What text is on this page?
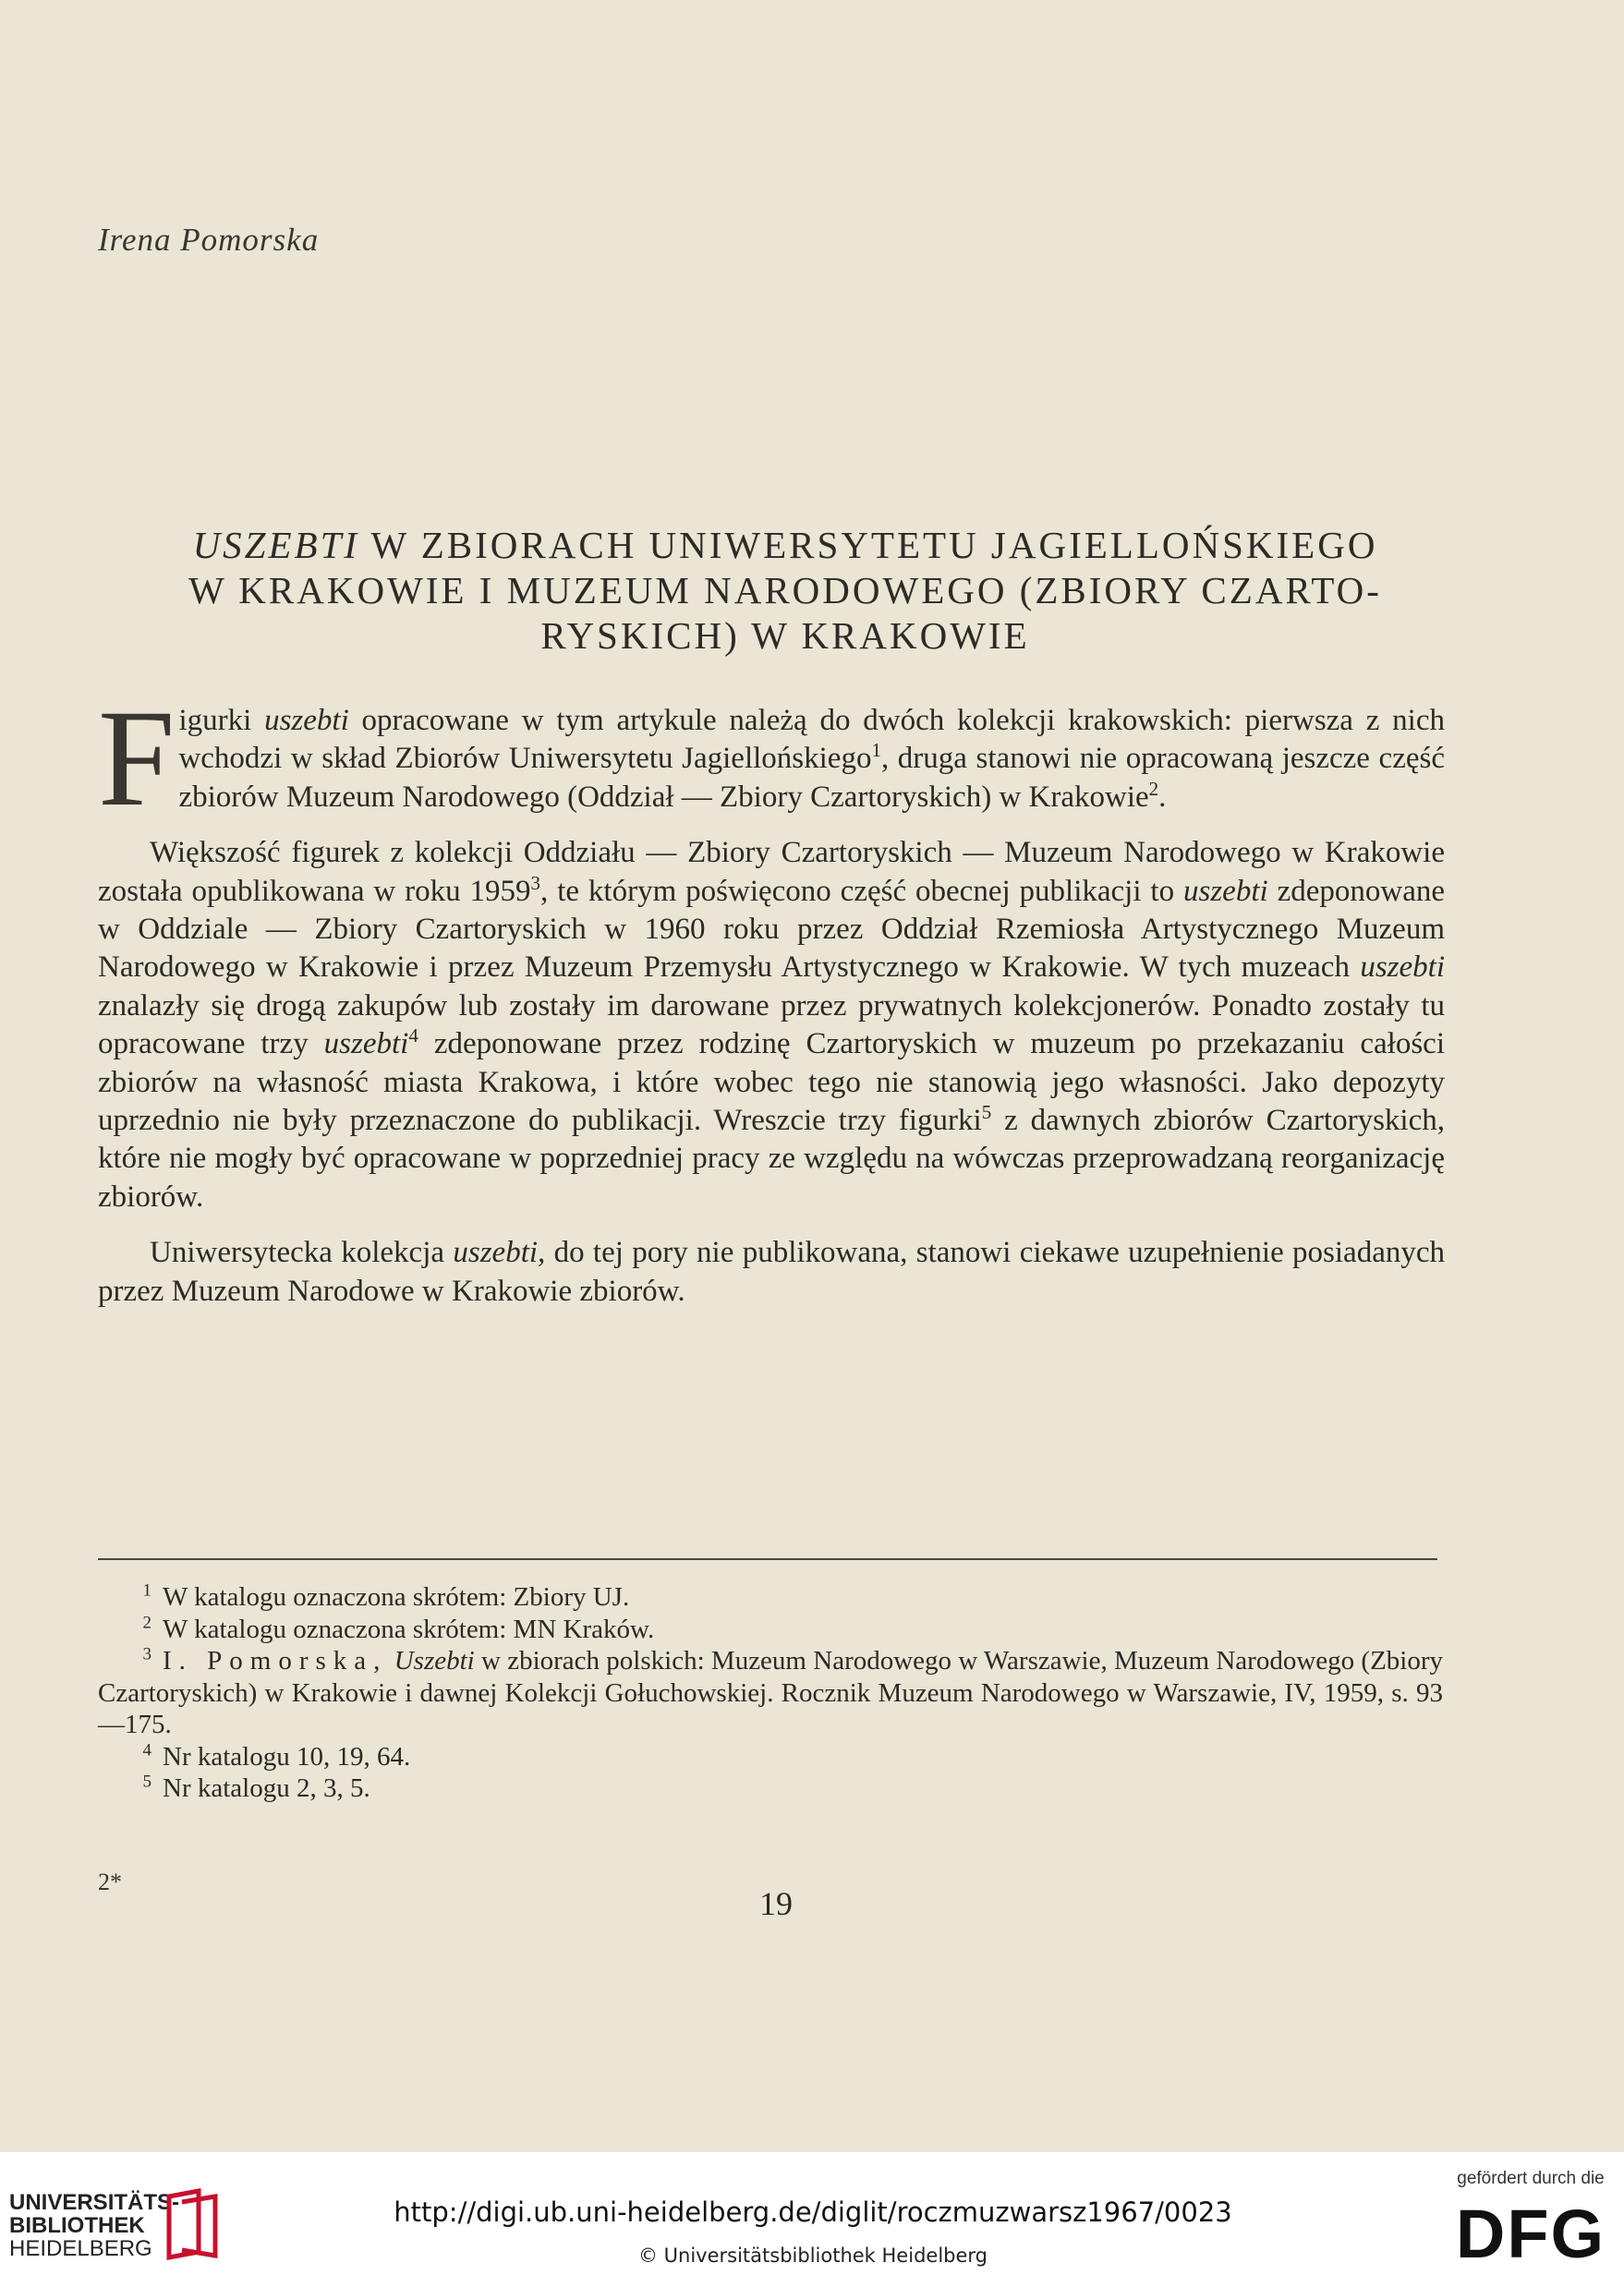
Irena Pomorska
USZEBTI W ZBIORACH UNIWERSYTETU JAGIELLOŃSKIEGO
W KRAKOWIE I MUZEUM NARODOWEGO (ZBIORY CZARTO-
RYSKICH) W KRAKOWIE

Figurki uszebti opracowane w tym artykule należą do dwóch kolekcji krakowskich: pierwsza z nich wchodzi w skład Zbiorów Uniwersytetu Jagiellońskiego$^1$, druga stanowi nie opracowaną jeszcze część zbiorów Muzeum Narodowego (Oddział — Zbiory Czartoryskich) w Krakowie$^2$.

Większość figurek z kolekcji Oddziału — Zbiory Czartoryskich — Muzeum Narodowego w Krakowie została opublikowana w roku 1959$^3$, te którym poświęcono część obecnej publikacji to uszebti zdeponowane w Oddziale — Zbiory Czartoryskich w 1960 roku przez Oddział Rzemiosła Artystycznego Muzeum Narodowego w Krakowie i przez Muzeum Przemysłu Artystycznego w Krakowie. W tych muzeach uszebti znalazły się drogą zakupów lub zostały im darowane przez prywatnych kolekcjonerów. Ponadto zostały tu opracowane trzy uszebti$^4$ zdeponowane przez rodzinę Czartoryskich w muzeum po przekazaniu całości zbiorów na własność miasta Krakowa, i które wobec tego nie stanowią jego własności. Jako depozyty uprzednio nie były przeznaczone do publikacji. Wreszcie trzy figurki$^5$ z dawnych zbiorów Czartoryskich, które nie mogły być opracowane w poprzedniej pracy ze względu na wówczas przeprowadzaną reorganizację zbiorów.

Uniwersytecka kolekcja uszebti, do tej pory nie publikowana, stanowi ciekawe uzupełnienie posiadanych przez Muzeum Narodowe w Krakowie zbiorów.

$^1$ W katalogu oznaczona skrótem: Zbiory UJ.
$^2$ W katalogu oznaczona skrótem: MN Kraków.
$^3$ I. Pomorska, Uszebti w zbiorach polskich: Muzeum Narodowego w Warszawie, Muzeum Narodowego (Zbiory Czartoryskich) w Krakowie i dawnej Kolekcji Gołuchowskiej. Rocznik Muzeum Narodowego w Warszawie, IV, 1959, s. 93—175.
$^4$ Nr katalogu 10, 19, 64.
$^5$ Nr katalogu 2, 3, 5.
2*
19
UNIVERSITÄTS-
BIBLIOTHEK
HEIDELBERG
http://digi.ub.uni-heidelberg.de/diglit/roczmuzwarsz1967/0023
© Universitätsbibliothek Heidelberg
gefördert durch die
DFG
